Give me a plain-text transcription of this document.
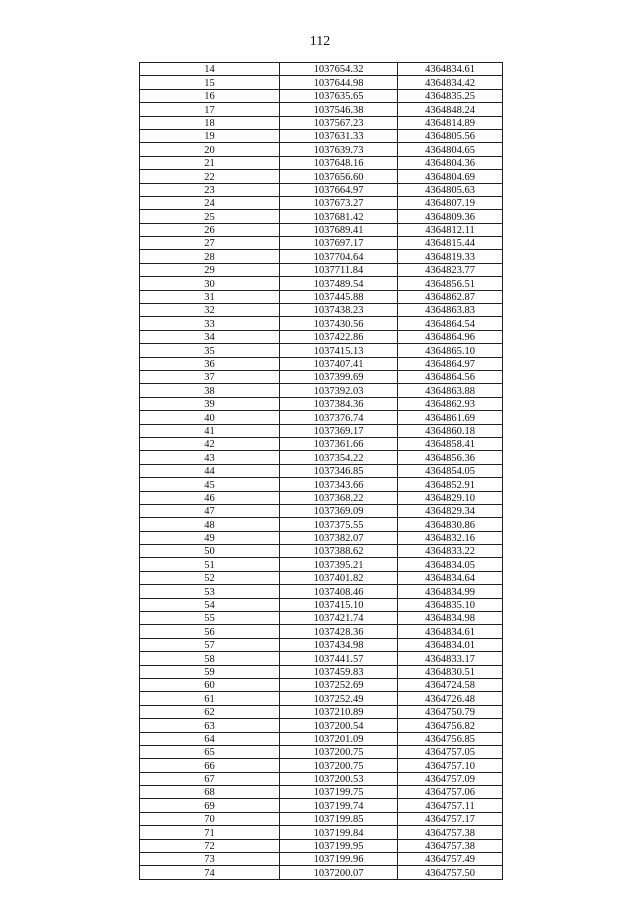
112
14	1037654.32	4364834.61
15	1037644.98	4364834.42
16	1037635.65	4364835.25
17	1037546.38	4364848.24
18	1037567.23	4364814.89
19	1037631.33	4364805.56
20	1037639.73	4364804.65
21	1037648.16	4364804.36
22	1037656.60	4364804.69
23	1037664.97	4364805.63
24	1037673.27	4364807.19
25	1037681.42	4364809.36
26	1037689.41	4364812.11
27	1037697.17	4364815.44
28	1037704.64	4364819.33
29	1037711.84	4364823.77
30	1037489.54	4364856.51
31	1037445.88	4364862.87
32	1037438.23	4364863.83
33	1037430.56	4364864.54
34	1037422.86	4364864.96
35	1037415.13	4364865.10
36	1037407.41	4364864.97
37	1037399.69	4364864.56
38	1037392.03	4364863.88
39	1037384.36	4364862.93
40	1037376.74	4364861.69
41	1037369.17	4364860.18
42	1037361.66	4364858.41
43	1037354.22	4364856.36
44	1037346.85	4364854.05
45	1037343.66	4364852.91
46	1037368.22	4364829.10
47	1037369.09	4364829.34
48	1037375.55	4364830.86
49	1037382.07	4364832.16
50	1037388.62	4364833.22
51	1037395.21	4364834.05
52	1037401.82	4364834.64
53	1037408.46	4364834.99
54	1037415.10	4364835.10
55	1037421.74	4364834.98
56	1037428.36	4364834.61
57	1037434.98	4364834.01
58	1037441.57	4364833.17
59	1037459.83	4364830.51
60	1037252.69	4364724.58
61	1037252.49	4364726.48
62	1037210.89	4364750.79
63	1037200.54	4364756.82
64	1037201.09	4364756.85
65	1037200.75	4364757.05
66	1037200.75	4364757.10
67	1037200.53	4364757.09
68	1037199.75	4364757.06
69	1037199.74	4364757.11
70	1037199.85	4364757.17
71	1037199.84	4364757.38
72	1037199.95	4364757.38
73	1037199.96	4364757.49
74	1037200.07	4364757.50
